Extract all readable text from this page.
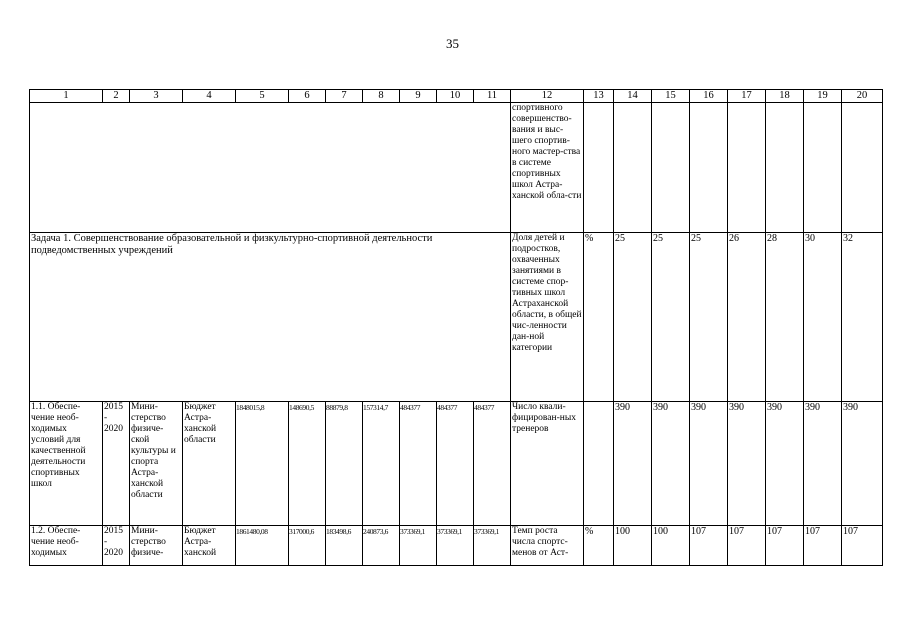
35
1	2	3	4	5	6	7	8	9	10	11	12	13	14	15	16	17	18	19	20
											спортивного совершенство-вания и выс-шего спортив-ного мастер-ства в системе спортивных школ Астра-ханской обла-сти								
Задача 1. Совершенствование образовательной и физкультурно-спортивной деятельности подведомственных учреждений											Доля детей и подростков, охваченных занятиями в системе спор-тивных школ Астраханской области, в общей чис-ленности дан-ной категории	%	25	25	25	26	28	30	32
1.1. Обеспе-чение необ-ходимых условий для качественной деятельности спортивных школ	2015 - 2020	Мини-стерство физиче-ской культуры и спорта Астра-ханской области	Бюджет Астра-ханской области	1848015,8	148690,5	88879,8	157314,7	484377	484377	484377	Число квали-фицирован-ных тренеров		390	390	390	390	390	390	390
1.2. Обеспе-чение необ-ходимых	2015 - 2020	Мини-стерство физиче-	Бюджет Астра-ханской	1861480,08	317000,6	183498,6	240873,6	373369,1	373369,1	373369,1	Темп роста числа спортс-менов от Аст-	%	100	100	107	107	107	107	107
